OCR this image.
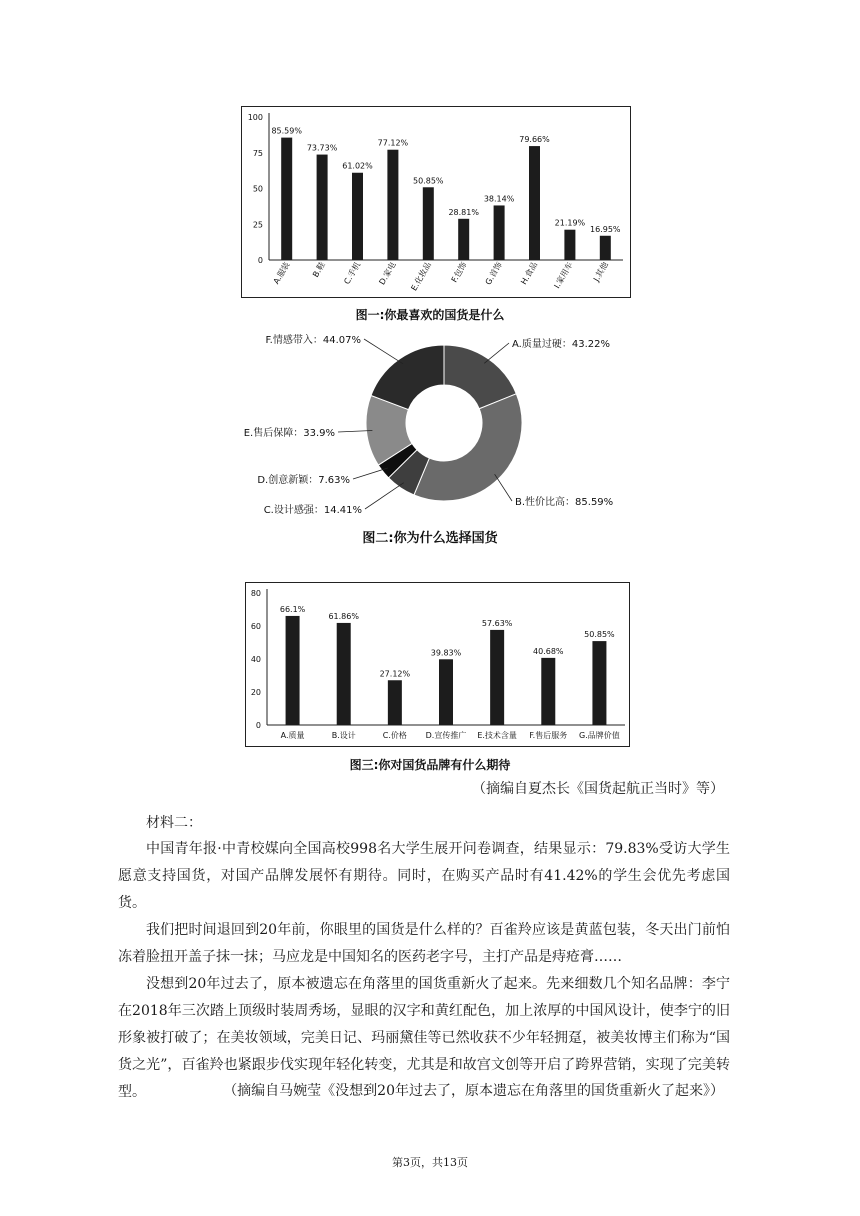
0
25
50
75
100
85.59%
A.服装
73.73%
B.鞋
61.02%
C.手机
77.12%
D.家电
50.85%
E.化妆品
28.81%
F.包饰
38.14%
G.首饰
79.66%
H.食品
21.19%
I.家用车
16.95%
J.其他
图一:你最喜欢的国货是什么
A.质量过硬：43.22%
B.性价比高：85.59%
C.设计感强：14.41%
D.创意新颖：7.63%
E.售后保障：33.9%
F.情感带入：44.07%
图二:你为什么选择国货
0
20
40
60
80
66.1%
A.质量
61.86%
B.设计
27.12%
C.价格
39.83%
D.宣传推广
57.63%
E.技术含量
40.68%
F.售后服务
50.85%
G.品牌价值
图三:你对国货品牌有什么期待
（摘编自夏杰长《国货起航正当时》等）
材料二：
中国青年报·中青校媒向全国高校998名大学生展开问卷调查，结果显示：79.83%受访大学生愿意支持国货，对国产品牌发展怀有期待。同时，在购买产品时有41.42%的学生会优先考虑国货。
我们把时间退回到20年前，你眼里的国货是什么样的？百雀羚应该是黄蓝包装，冬天出门前怕冻着脸扭开盖子抹一抹；马应龙是中国知名的医药老字号，主打产品是痔疮膏……
没想到20年过去了，原本被遗忘在角落里的国货重新火了起来。先来细数几个知名品牌：李宁在2018年三次踏上顶级时装周秀场，显眼的汉字和黄红配色，加上浓厚的中国风设计，使李宁的旧形象被打破了；在美妆领域，完美日记、玛丽黛佳等已然收获不少年轻拥趸，被美妆博主们称为“国货之光”，百雀羚也紧跟步伐实现年轻化转变，尤其是和故宫文创等开启了跨界营销，实现了完美转型。	（摘编自马婉莹《没想到20年过去了，原本遗忘在角落里的国货重新火了起来》）
第3页，共13页
